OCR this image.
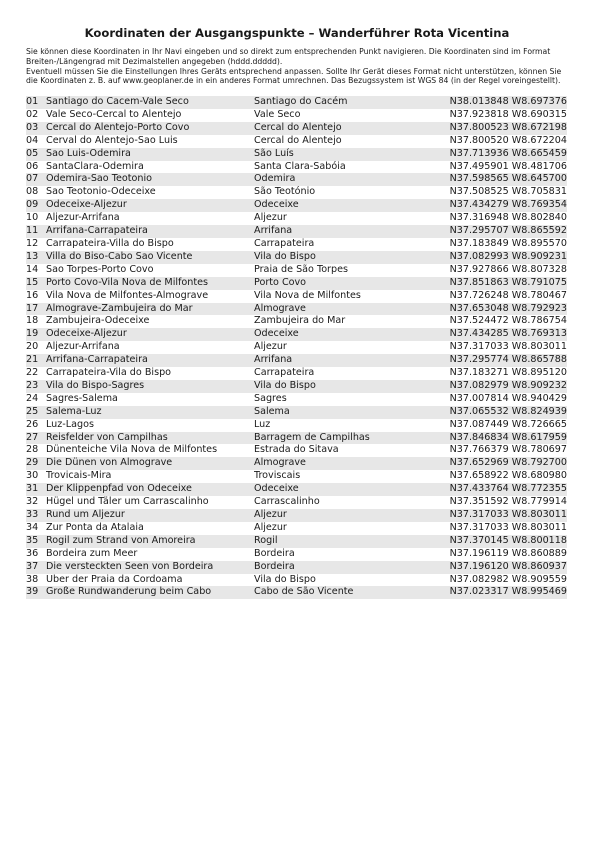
Koordinaten der Ausgangspunkte – Wanderführer Rota Vicentina

Sie können diese Koordinaten in Ihr Navi eingeben und so direkt zum entsprechenden Punkt navigieren. Die Koordinaten sind im Format Breiten-/Längengrad mit Dezimalstellen angegeben (hddd.ddddd).

Eventuell müssen Sie die Einstellungen Ihres Geräts entsprechend anpassen. Sollte Ihr Gerät dieses Format nicht unterstützen, können Sie die Koordinaten z. B. auf www.geoplaner.de in ein anderes Format umrechnen. Das Bezugssystem ist WGS 84 (in der Regel voreingestellt).

01	Santiago do Cacem-Vale Seco	Santiago do Cacém	N38.013848 W8.697376
02	Vale Seco-Cercal to Alentejo	Vale Seco	N37.923818 W8.690315
03	Cercal do Alentejo-Porto Covo	Cercal do Alentejo	N37.800523 W8.672198
04	Cerval do Alentejo-Sao Luis	Cercal do Alentejo	N37.800520 W8.672204
05	Sao Luis-Odemira	São Luís	N37.713936 W8.665459
06	SantaClara-Odemira	Santa Clara-Sabóia	N37.495901 W8.481706
07	Odemira-Sao Teotonio	Odemira	N37.598565 W8.645700
08	Sao Teotonio-Odeceixe	São Teotónio	N37.508525 W8.705831
09	Odeceixe-Aljezur	Odeceixe	N37.434279 W8.769354
10	Aljezur-Arrifana	Aljezur	N37.316948 W8.802840
11	Arrifana-Carrapateira	Arrifana	N37.295707 W8.865592
12	Carrapateira-Villa do Bispo	Carrapateira	N37.183849 W8.895570
13	Villa do Biso-Cabo Sao Vicente	Vila do Bispo	N37.082993 W8.909231
14	Sao Torpes-Porto Covo	Praia de São Torpes	N37.927866 W8.807328
15	Porto Covo-Vila Nova de Milfontes	Porto Covo	N37.851863 W8.791075
16	Vila Nova de Milfontes-Almograve	Vila Nova de Milfontes	N37.726248 W8.780467
17	Almograve-Zambujeira do Mar	Almograve	N37.653048 W8.792923
18	Zambujeira-Odeceixe	Zambujeira do Mar	N37.524472 W8.786754
19	Odeceixe-Aljezur	Odeceixe	N37.434285 W8.769313
20	Aljezur-Arrifana	Aljezur	N37.317033 W8.803011
21	Arrifana-Carrapateira	Arrifana	N37.295774 W8.865788
22	Carrapateira-Vila do Bispo	Carrapateira	N37.183271 W8.895120
23	Vila do Bispo-Sagres	Vila do Bispo	N37.082979 W8.909232
24	Sagres-Salema	Sagres	N37.007814 W8.940429
25	Salema-Luz	Salema	N37.065532 W8.824939
26	Luz-Lagos	Luz	N37.087449 W8.726665
27	Reisfelder von Campilhas	Barragem de Campilhas	N37.846834 W8.617959
28	Dünenteiche Vila Nova de Milfontes	Estrada do Sitava	N37.766379 W8.780697
29	Die Dünen von Almograve	Almograve	N37.652969 W8.792700
30	Trovicais-Mira	Troviscais	N37.658922 W8.680980
31	Der Klippenpfad von Odeceixe	Odeceixe	N37.433764 W8.772355
32	Hügel und Täler um Carrascalinho	Carrascalinho	N37.351592 W8.779914
33	Rund um Aljezur	Aljezur	N37.317033 W8.803011
34	Zur Ponta da Atalaia	Aljezur	N37.317033 W8.803011
35	Rogil zum Strand von Amoreira	Rogil	N37.370145 W8.800118
36	Bordeira zum Meer	Bordeira	N37.196119 W8.860889
37	Die versteckten Seen von Bordeira	Bordeira	N37.196120 W8.860937
38	Über der Praia da Cordoama	Vila do Bispo	N37.082982 W8.909559
39	Große Rundwanderung beim Cabo	Cabo de São Vicente	N37.023317 W8.995469
